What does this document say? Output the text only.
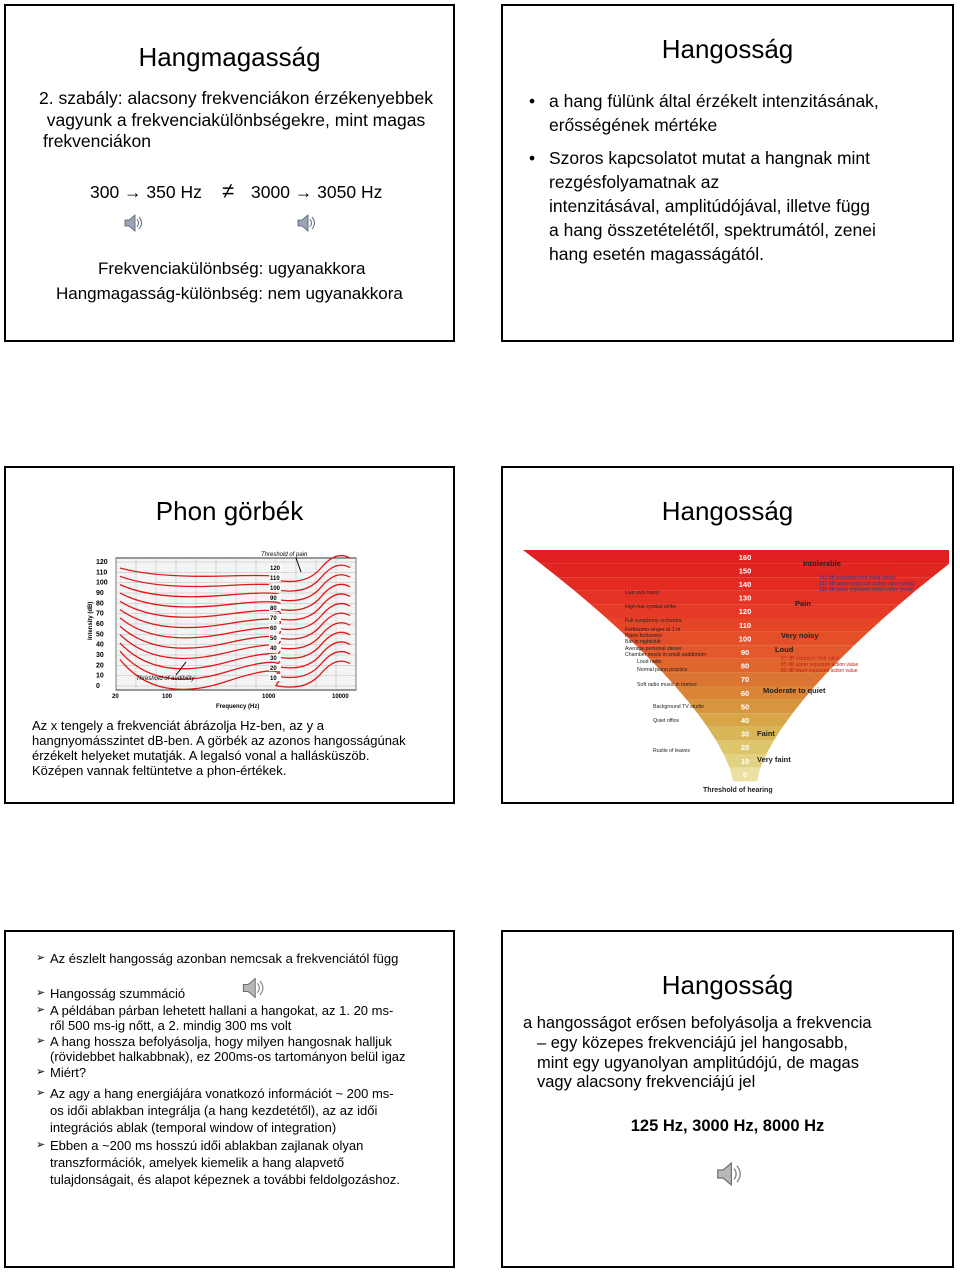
Hangmagasság
2. szabály: alacsony frekvenciákon érzékenyebbek
vagyunk a frekvenciakülönbségekre, mint magas
frekvenciákon
300 → 350 Hz ≠ 3000 → 3050 Hz
Frekvenciakülönbség: ugyanakkora
Hangmagasság-különbség: nem ugyanakkora
Hangosság
• a hang fülünk által érzékelt intenzitásának,
erősségének mértéke
• Szoros kapcsolatot mutat a hangnak mint
rezgésfolyamatnak az
intenzitásával, amplitúdójával, illetve függ
a hang összetételétől, spektrumától, zenei
hang esetén magasságától.
Phon görbék
120
110
100
90
80
70
60
50
40
30
20
10
0
120
110
100
90
80
70
60
50
40
30
20
10
Intensity (dB)
Frequency (Hz)
Threshold of pain
Threshold of audibility
20	100	1000	10000
Az x tengely a frekvenciát ábrázolja Hz-ben, az y a
hangnyomásszintet dB-ben. A görbék az azonos hangosságúnak
érzékelt helyeket mutatják. A legalsó vonal a hallásküszöb.
Középen vannak feltüntetve a phon-értékek.
Hangosság
160
150
140
130
120
110
100
90
80
70
60
50
40
30
20
10
0
Live rock band
High-hat cymbal strike
Full symphony orchestra
Fortissimo singer at 1 m
Piano fortissimo
Bar in nightclub
Average personal stereo
Chamber music in small auditorium
Loud radio
Normal piano practice
Soft radio music in homes
Background TV studio
Quiet office
Rustle of leaves
Intolerable
Pain
Very noisy
Loud
Moderate to quiet
Faint
Very faint
140 dB exposure limit value (peak)
137 dB upper exposure action value (peak)
135 dB lower exposure action value (peak)
87 dB exposure limit value
85 dB upper exposure action value
80 dB lower exposure action value
Threshold of hearing
➢ Az észlelt hangosság azonban nemcsak a frekvenciától függ
➢ Hangosság szummáció
➢ A példában párban lehetett hallani a hangokat, az 1. 20 ms-
ről 500 ms-ig nőtt, a 2. mindig 300 ms volt
➢ A hang hossza befolyásolja, hogy milyen hangosnak halljuk
(rövidebbet halkabbnak), ez 200ms-os tartományon belül igaz
➢ Miért?
➢ Az agy a hang energiájára vonatkozó információt ~ 200 ms-
os idői ablakban integrálja (a hang kezdetétől), az az idői
integrációs ablak (temporal window of integration)
➢ Ebben a ~200 ms hosszú idői ablakban zajlanak olyan
transzformációk, amelyek kiemelik a hang alapvető
tulajdonságait, és alapot képeznek a további feldolgozáshoz.
Hangosság
a hangosságot erősen befolyásolja a frekvencia
– egy közepes frekvenciájú jel hangosabb,
mint egy ugyanolyan amplitúdójú, de magas
vagy alacsony frekvenciájú jel
125 Hz, 3000 Hz, 8000 Hz
